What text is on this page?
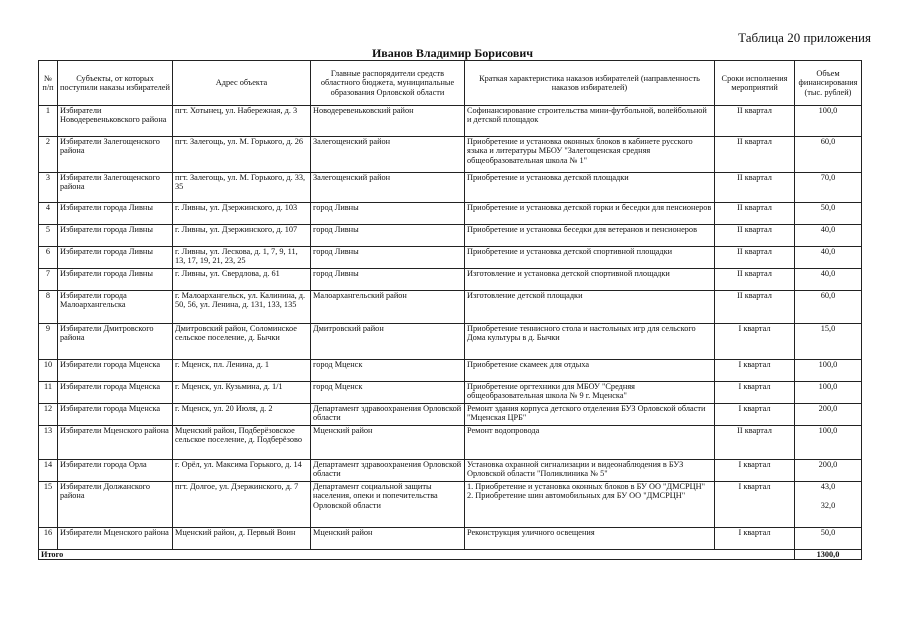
Таблица 20 приложения
Иванов Владимир Борисович
№ п/п	Субъекты, от которых поступили наказы избирателей	Адрес объекта	Главные распорядители средств областного бюджета, муниципальные образования Орловской области	Краткая характеристика наказов избирателей (направленность наказов избирателей)	Сроки исполнения мероприятий	Объем финансирования (тыс. рублей)
1	Избиратели Новодеревеньковского района	пгт. Хотынец, ул. Набережная, д. 3	Новодеревеньковский район	Софинансирование строительства мини-футбольной, волейбольной и детской площадок	II квартал	100,0

2	Избиратели Залегощенского района	пгт. Залегощь, ул. М. Горького, д. 26	Залегощенский район	Приобретение и установка оконных блоков в кабинете русского языка и литературы МБОУ "Залегощенская средняя общеобразовательная школа № 1"	II квартал	60,0

3	Избиратели Залегощенского района	пгт. Залегощь, ул. М. Горького, д. 33, 35	Залегощенский район	Приобретение и установка детской площадки	II квартал	70,0

4	Избиратели города Ливны	г. Ливны, ул. Дзержинского, д. 103	город Ливны	Приобретение и установка детской горки и беседки для пенсионеров	II квартал	50,0

5	Избиратели города Ливны	г. Ливны, ул. Дзержинского, д. 107	город Ливны	Приобретение и установка беседки для ветеранов и пенсионеров	II квартал	40,0

6	Избиратели города Ливны	г. Ливны, ул. Лескова, д. 1, 7, 9, 11, 13, 17, 19, 21, 23, 25	город Ливны	Приобретение и установка детской спортивной площадки	II квартал	40,0

7	Избиратели города Ливны	г. Ливны, ул. Свердлова, д. 61	город Ливны	Изготовление и установка детской спортивной площадки	II квартал	40,0

8	Избиратели города Малоархангельска	г. Малоархангельск, ул. Калинина, д. 50, 56, ул. Ленина, д. 131, 133, 135	Малоархангельский район	Изготовление детской площадки	II квартал	60,0

9	Избиратели Дмитровского района	Дмитровский район, Соломинское сельское поселение, д. Бычки	Дмитровский район	Приобретение теннисного стола и настольных игр для сельского Дома культуры в д. Бычки	I квартал	15,0

10	Избиратели города Мценска	г. Мценск, пл. Ленина, д. 1	город Мценск	Приобретение скамеек для отдыха	I квартал	100,0

11	Избиратели города Мценска	г. Мценск, ул. Кузьмина, д. 1/1	город Мценск	Приобретение оргтехники для МБОУ "Средняя общеобразовательная школа № 9 г. Мценска"	I квартал	100,0

12	Избиратели города Мценска	г. Мценск, ул. 20 Июля, д. 2	Департамент здравоохранения Орловской области	Ремонт здания корпуса детского отделения БУЗ Орловской области "Мценская ЦРБ"	I квартал	200,0

13	Избиратели Мценского района	Мценский район, Подберёзовское сельское поселение, д. Подберёзово	Мценский район	Ремонт водопровода	II квартал	100,0

14	Избиратели города Орла	г. Орёл, ул. Максима Горького, д. 14	Департамент здравоохранения Орловской области	Установка охранной сигнализации и видеонаблюдения в БУЗ Орловской области "Поликлиника № 5"	I квартал	200,0

15	Избиратели Должанского района	пгт. Долгое, ул. Дзержинского, д. 7	Департамент социальной защиты населения, опеки и попечительства Орловской области	1. Приобретение и установка оконных блоков в БУ ОО "ДМСРЦН"
2. Приобретение шин автомобильных для БУ ОО "ДМСРЦН"	I квартал	43,0
32,0

16	Избиратели Мценского района	Мценский район, д. Первый Воин	Мценский район	Реконструкция уличного освещения	I квартал	50,0

Итого						1300,0
